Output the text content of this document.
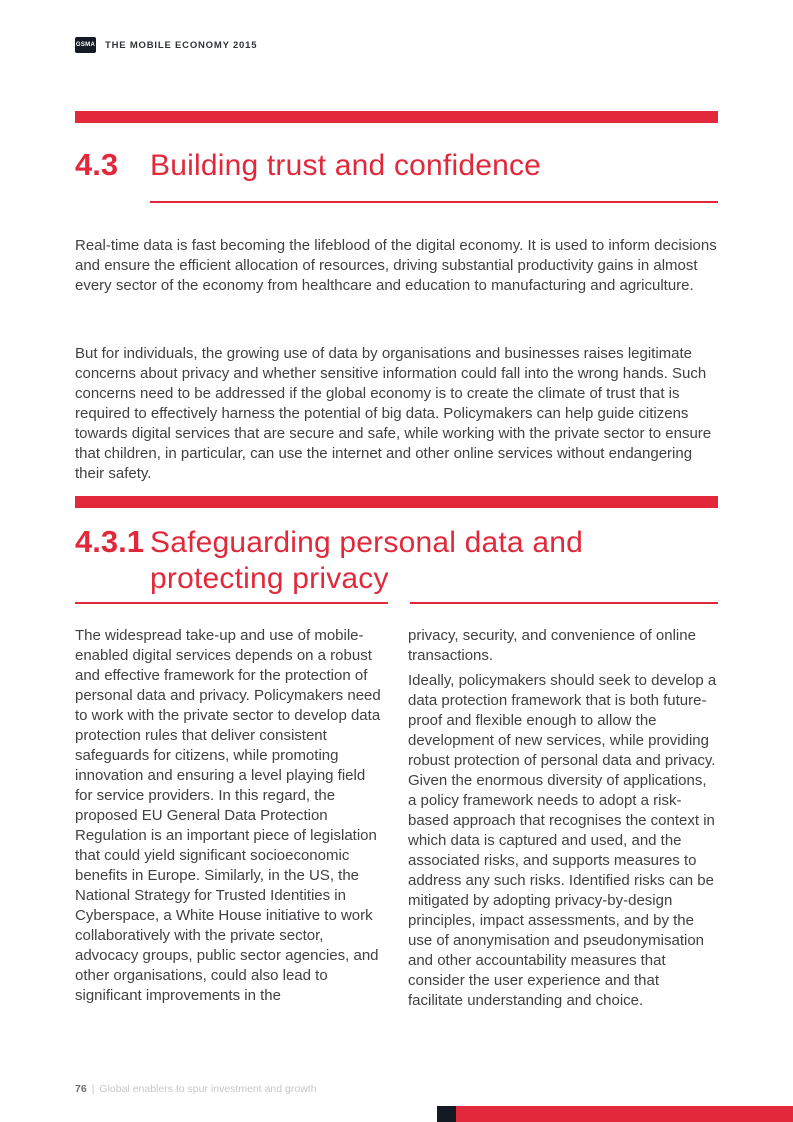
GSMA THE MOBILE ECONOMY 2015
4.3	Building trust and confidence

Real-time data is fast becoming the lifeblood of the digital economy. It is used to inform decisions and ensure the efficient allocation of resources, driving substantial productivity gains in almost every sector of the economy from healthcare and education to manufacturing and agriculture.

But for individuals, the growing use of data by organisations and businesses raises legitimate concerns about privacy and whether sensitive information could fall into the wrong hands. Such concerns need to be addressed if the global economy is to create the climate of trust that is required to effectively harness the potential of big data. Policymakers can help guide citizens towards digital services that are secure and safe, while working with the private sector to ensure that children, in particular, can use the internet and other online services without endangering their safety.

4.3.1 Safeguarding personal data and protecting privacy

The widespread take-up and use of mobile-enabled digital services depends on a robust and effective framework for the protection of personal data and privacy. Policymakers need to work with the private sector to develop data protection rules that deliver consistent safeguards for citizens, while promoting innovation and ensuring a level playing field for service providers. In this regard, the proposed EU General Data Protection Regulation is an important piece of legislation that could yield significant socioeconomic benefits in Europe. Similarly, in the US, the National Strategy for Trusted Identities in Cyberspace, a White House initiative to work collaboratively with the private sector, advocacy groups, public sector agencies, and other organisations, could also lead to significant improvements in the

privacy, security, and convenience of online transactions.

Ideally, policymakers should seek to develop a data protection framework that is both future-proof and flexible enough to allow the development of new services, while providing robust protection of personal data and privacy. Given the enormous diversity of applications, a policy framework needs to adopt a risk-based approach that recognises the context in which data is captured and used, and the associated risks, and supports measures to address any such risks. Identified risks can be mitigated by adopting privacy-by-design principles, impact assessments, and by the use of anonymisation and pseudonymisation and other accountability measures that consider the user experience and that facilitate understanding and choice.

76 | Global enablers to spur investment and growth
